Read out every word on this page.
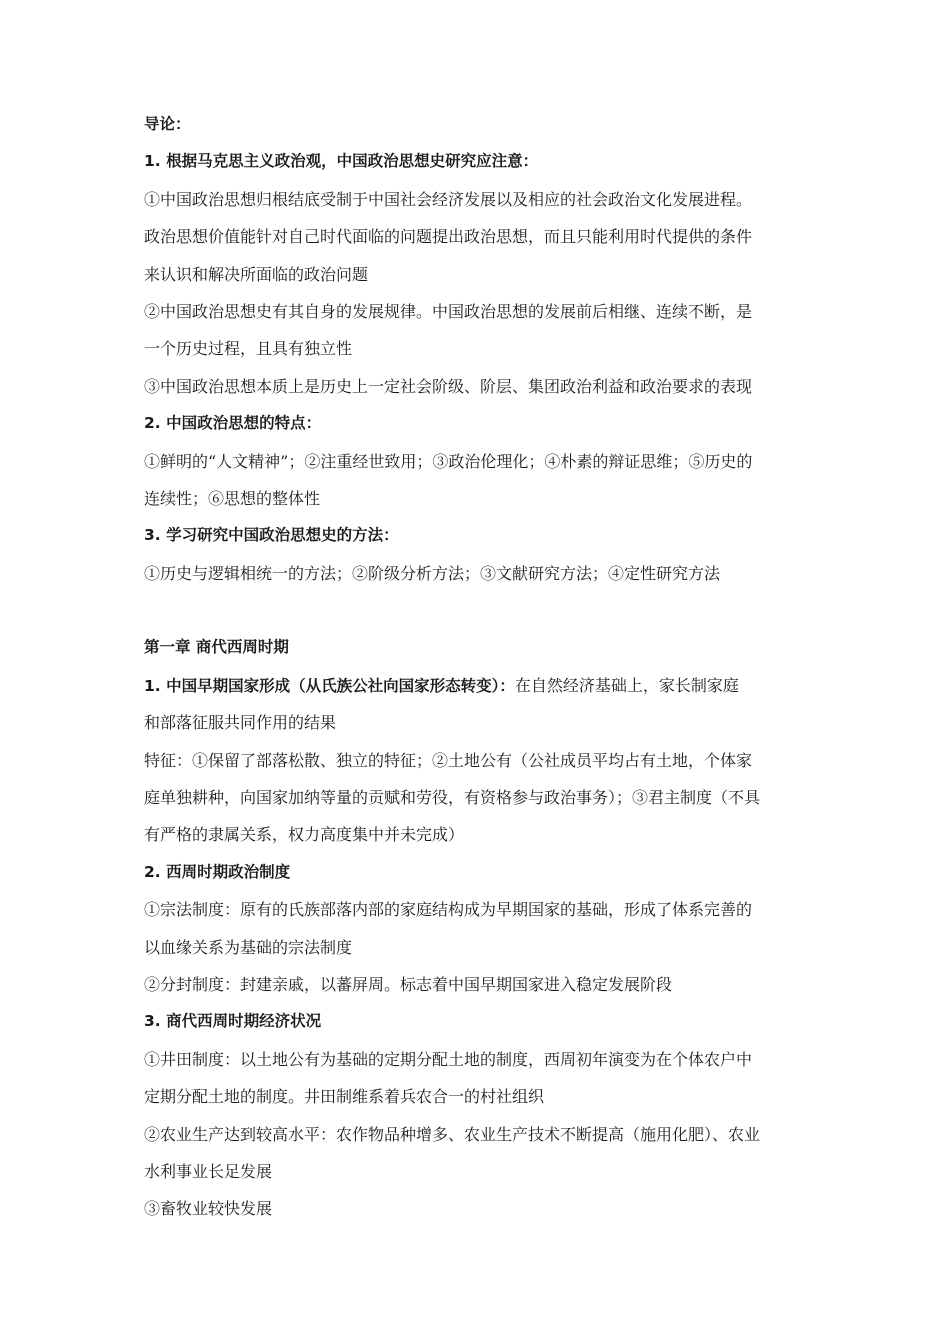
导论：
1. 根据马克思主义政治观，中国政治思想史研究应注意：
①中国政治思想归根结底受制于中国社会经济发展以及相应的社会政治文化发展进程。
政治思想价值能针对自己时代面临的问题提出政治思想，而且只能利用时代提供的条件
来认识和解决所面临的政治问题
②中国政治思想史有其自身的发展规律。中国政治思想的发展前后相继、连续不断，是
一个历史过程，且具有独立性
③中国政治思想本质上是历史上一定社会阶级、阶层、集团政治利益和政治要求的表现
2. 中国政治思想的特点：
①鲜明的“人文精神”；②注重经世致用；③政治伦理化；④朴素的辩证思维；⑤历史的
连续性；⑥思想的整体性
3. 学习研究中国政治思想史的方法：
①历史与逻辑相统一的方法；②阶级分析方法；③文献研究方法；④定性研究方法
第一章 商代西周时期
1. 中国早期国家形成（从氏族公社向国家形态转变）：在自然经济基础上，家长制家庭
和部落征服共同作用的结果
特征：①保留了部落松散、独立的特征；②土地公有（公社成员平均占有土地，个体家
庭单独耕种，向国家加纳等量的贡赋和劳役，有资格参与政治事务）；③君主制度（不具
有严格的隶属关系，权力高度集中并未完成）
2. 西周时期政治制度
①宗法制度：原有的氏族部落内部的家庭结构成为早期国家的基础，形成了体系完善的
以血缘关系为基础的宗法制度
②分封制度：封建亲戚，以蕃屏周。标志着中国早期国家进入稳定发展阶段
3. 商代西周时期经济状况
①井田制度：以土地公有为基础的定期分配土地的制度，西周初年演变为在个体农户中
定期分配土地的制度。井田制维系着兵农合一的村社组织
②农业生产达到较高水平：农作物品种增多、农业生产技术不断提高（施用化肥）、农业
水利事业长足发展
③畜牧业较快发展
